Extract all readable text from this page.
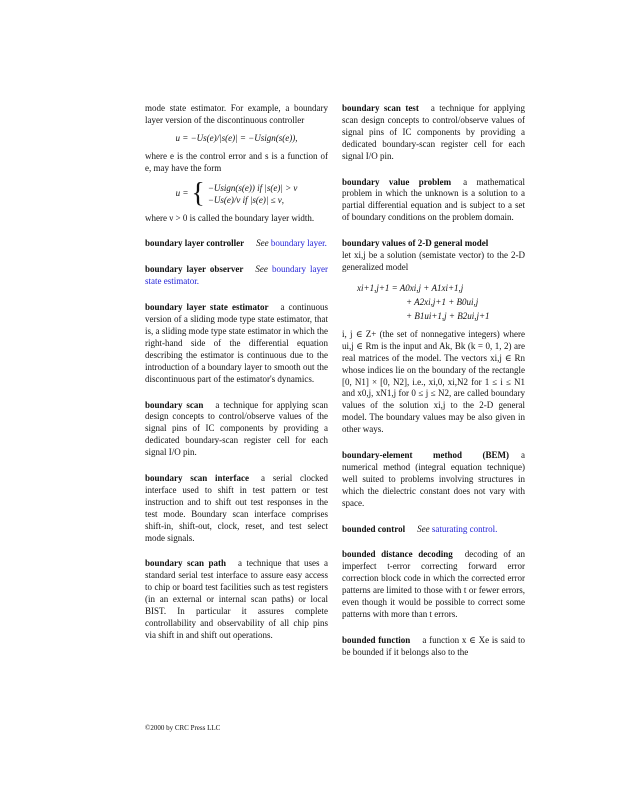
mode state estimator. For example, a boundary layer version of the discontinuous controller

u = −Us(e)/|s(e)| = −Usign(s(e)),

where e is the control error and s is a function of e, may have the form

u = { −Usign(s(e)) if |s(e)| > ν
−Us(e)/ν if |s(e)| ≤ ν,

where ν > 0 is called the boundary layer width.

boundary layer controller See boundary layer.

boundary layer observer See boundary layer state estimator.

boundary layer state estimator a continuous version of a sliding mode type state estimator, that is, a sliding mode type state estimator in which the right-hand side of the differential equation describing the estimator is continuous due to the introduction of a boundary layer to smooth out the discontinuous part of the estimator's dynamics.

boundary scan a technique for applying scan design concepts to control/observe values of the signal pins of IC components by providing a dedicated boundary-scan register cell for each signal I/O pin.

boundary scan interface a serial clocked interface used to shift in test pattern or test instruction and to shift out test responses in the test mode. Boundary scan interface comprises shift-in, shift-out, clock, reset, and test select mode signals.

boundary scan path a technique that uses a standard serial test interface to assure easy access to chip or board test facilities such as test registers (in an external or internal scan paths) or local BIST. In particular it assures complete controllability and observability of all chip pins via shift in and shift out operations.

boundary scan test a technique for applying scan design concepts to control/observe values of signal pins of IC components by providing a dedicated boundary-scan register cell for each signal I/O pin.

boundary value problem a mathematical problem in which the unknown is a solution to a partial differential equation and is subject to a set of boundary conditions on the problem domain.

boundary values of 2-D general model

let xi,j be a solution (semistate vector) to the 2-D generalized model

xi+1,j+1 = A0xi,j + A1xi+1,j
+ A2xi,j+1 + B0ui,j
+ B1ui+1,j + B2ui,j+1

i, j ∈ Z+ (the set of nonnegative integers) where ui,j ∈ Rm is the input and Ak, Bk (k = 0, 1, 2) are real matrices of the model. The vectors xi,j ∈ Rn whose indices lie on the boundary of the rectangle [0, N1] × [0, N2], i.e., xi,0, xi,N2 for 1 ≤ i ≤ N1 and x0,j, xN1,j for 0 ≤ j ≤ N2, are called boundary values of the solution xi,j to the 2-D general model. The boundary values may be also given in other ways.

boundary-element method (BEM) a numerical method (integral equation technique) well suited to problems involving structures in which the dielectric constant does not vary with space.

bounded control See saturating control.

bounded distance decoding decoding of an imperfect t-error correcting forward error correction block code in which the corrected error patterns are limited to those with t or fewer errors, even though it would be possible to correct some patterns with more than t errors.

bounded function a function x ∈ Xe is said to be bounded if it belongs also to the

©2000 by CRC Press LLC
